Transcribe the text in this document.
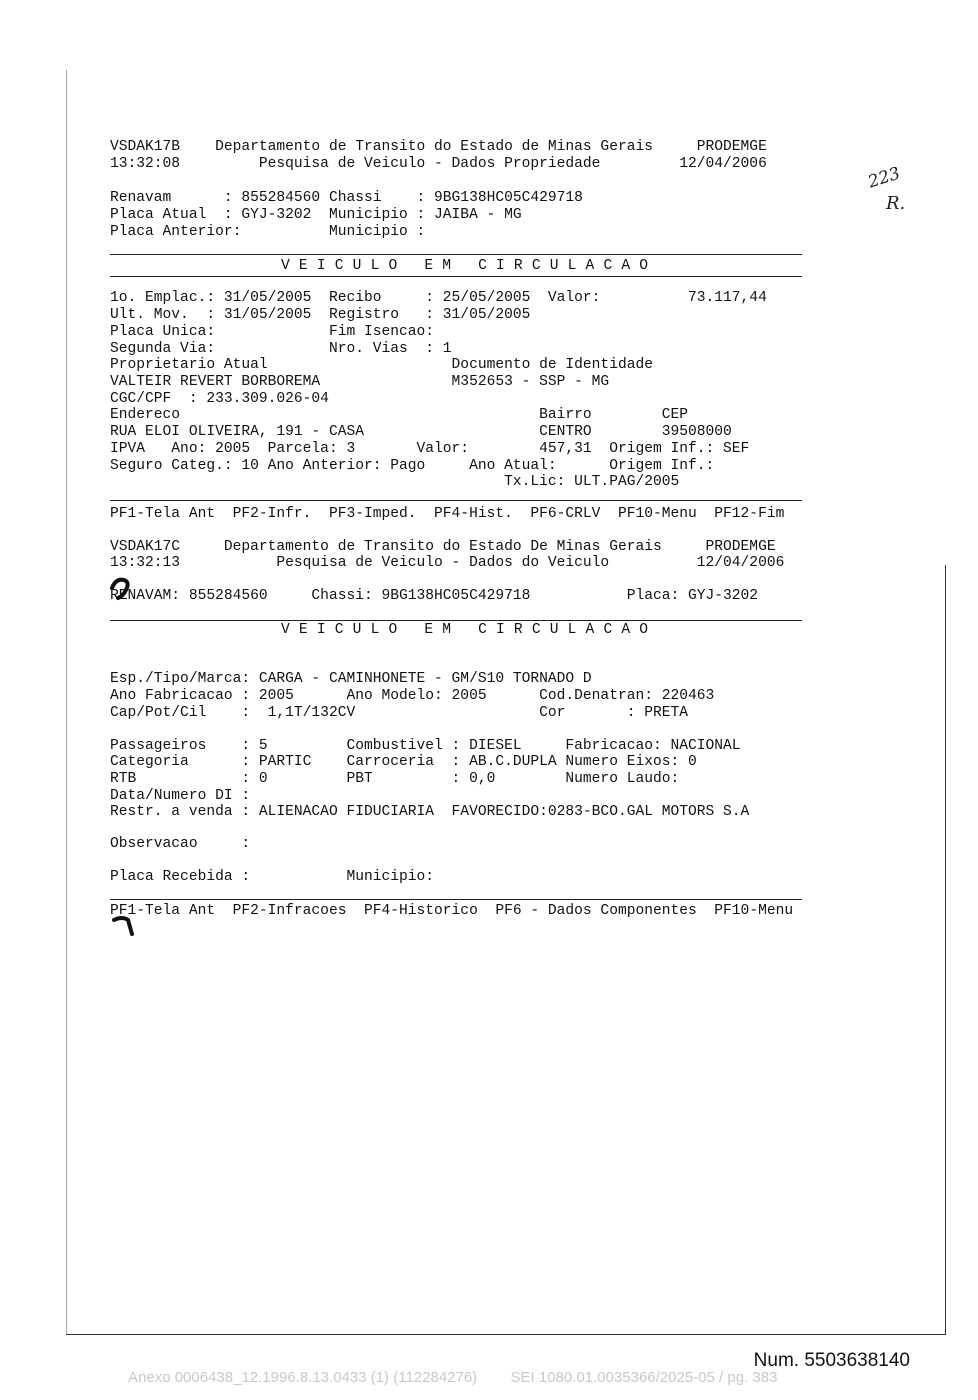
VSDAK17B    Departamento de Transito do Estado de Minas Gerais     PRODEMGE
13:32:08         Pesquisa de Veiculo - Dados Propriedade         12/04/2006
Renavam      : 855284560 Chassi    : 9BG138HC05C429718
Placa Atual  : GYJ-3202  Municipio : JAIBA - MG
Placa Anterior:          Municipio :
V E I C U L O   E M   C I R C U L A C A O
1o. Emplac.: 31/05/2005  Recibo     : 25/05/2005  Valor:          73.117,44
Ult. Mov.  : 31/05/2005  Registro   : 31/05/2005
Placa Unica:             Fim Isencao:
Segunda Via:             Nro. Vias  : 1
Proprietario Atual                     Documento de Identidade
VALTEIR REVERT BORBOREMA               M352653 - SSP - MG
CGC/CPF  : 233.309.026-04
Endereco                                         Bairro        CEP
RUA ELOI OLIVEIRA, 191 - CASA                    CENTRO        39508000
IPVA   Ano: 2005  Parcela: 3       Valor:        457,31  Origem Inf.: SEF
Seguro Categ.: 10 Ano Anterior: Pago     Ano Atual:      Origem Inf.:
Tx.Lic: ULT.PAG/2005
PF1-Tela Ant  PF2-Infr.  PF3-Imped.  PF4-Hist.  PF6-CRLV  PF10-Menu  PF12-Fim
VSDAK17C     Departamento de Transito do Estado De Minas Gerais     PRODEMGE
13:32:13           Pesquisa de Veiculo - Dados do Veiculo          12/04/2006
RENAVAM: 855284560     Chassi: 9BG138HC05C429718           Placa: GYJ-3202
V E I C U L O   E M   C I R C U L A C A O
Esp./Tipo/Marca: CARGA - CAMINHONETE - GM/S10 TORNADO D
Ano Fabricacao : 2005      Ano Modelo: 2005      Cod.Denatran: 220463
Cap/Pot/Cil    :  1,1T/132CV                     Cor       : PRETA
Passageiros    : 5         Combustivel : DIESEL     Fabricacao: NACIONAL
Categoria      : PARTIC    Carroceria  : AB.C.DUPLA Numero Eixos: 0
RTB            : 0         PBT         : 0,0        Numero Laudo:
Data/Numero DI :
Restr. a venda : ALIENACAO FIDUCIARIA  FAVORECIDO:0283-BCO.GAL MOTORS S.A
Observacao     :
Placa Recebida :           Municipio:
PF1-Tela Ant  PF2-Infracoes  PF4-Historico  PF6 - Dados Componentes  PF10-Menu
223
R.
Num. 5503638140
Anexo 0006438_12.1996.8.13.0433 (1) (112284276)        SEI 1080.01.0035366/2025-05 / pg. 383
